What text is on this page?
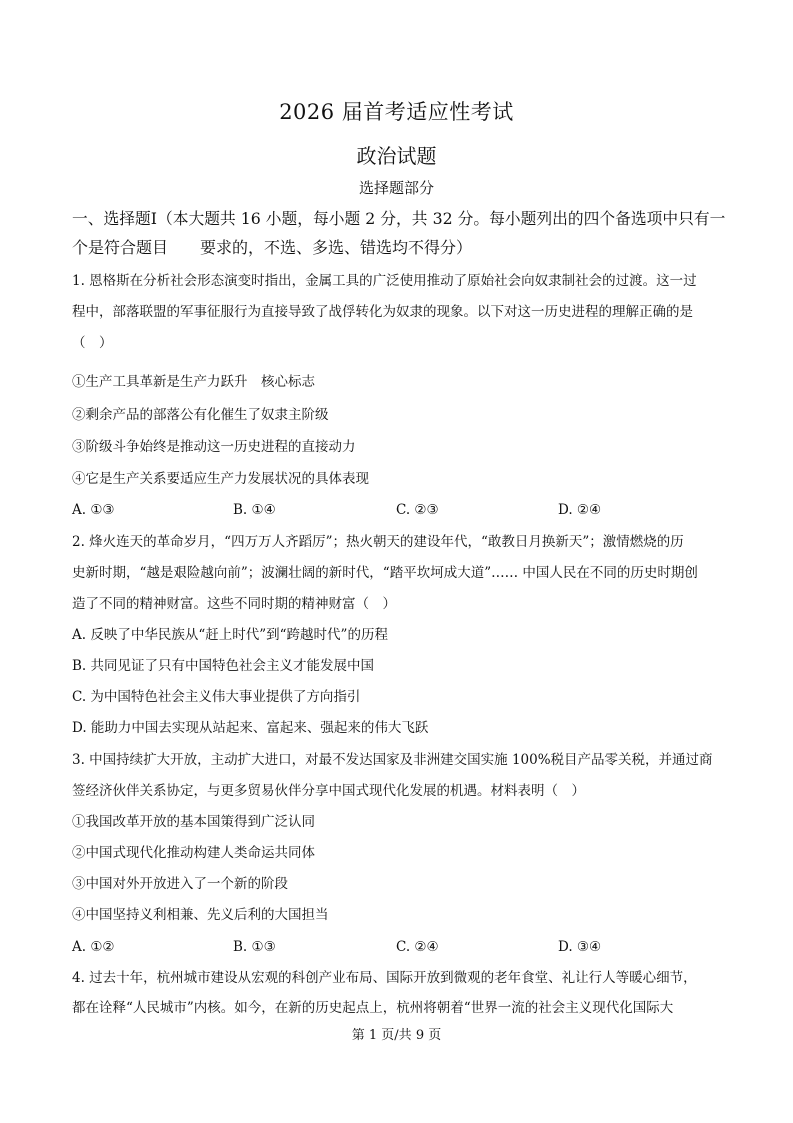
2026 届首考适应性考试
政治试题
选择题部分
一、选择题Ⅰ（本大题共 16 小题，每小题 2 分，共 32 分。每小题列出的四个备选项中只有一
个是符合题目　　要求的，不选、多选、错选均不得分）
1. 恩格斯在分析社会形态演变时指出，金属工具的广泛使用推动了原始社会向奴隶制社会的过渡。这一过
程中，部落联盟的军事征服行为直接导致了战俘转化为奴隶的现象。以下对这一历史进程的理解正确的是
（　）
①生产工具革新是生产力跃升　核心标志
②剩余产品的部落公有化催生了奴隶主阶级
③阶级斗争始终是推动这一历史进程的直接动力
④它是生产关系要适应生产力发展状况的具体表现
A. ①③	B. ①④	C. ②③	D. ②④
2. 烽火连天的革命岁月，“四万万人齐蹈厉”；热火朝天的建设年代，“敢教日月换新天”；激情燃烧的历
史新时期，“越是艰险越向前”；波澜壮阔的新时代，“踏平坎坷成大道”…… 中国人民在不同的历史时期创
造了不同的精神财富。这些不同时期的精神财富（　）
A. 反映了中华民族从“赶上时代”到“跨越时代”的历程
B. 共同见证了只有中国特色社会主义才能发展中国
C. 为中国特色社会主义伟大事业提供了方向指引
D. 能助力中国去实现从站起来、富起来、强起来的伟大飞跃
3. 中国持续扩大开放，主动扩大进口，对最不发达国家及非洲建交国实施 100%税目产品零关税，并通过商
签经济伙伴关系协定，与更多贸易伙伴分享中国式现代化发展的机遇。材料表明（　）
①我国改革开放的基本国策得到广泛认同
②中国式现代化推动构建人类命运共同体
③中国对外开放进入了一个新的阶段
④中国坚持义利相兼、先义后利的大国担当
A. ①②	B. ①③	C. ②④	D. ③④
4. 过去十年，杭州城市建设从宏观的科创产业布局、国际开放到微观的老年食堂、礼让行人等暖心细节，
都在诠释“人民城市”内核。如今，在新的历史起点上，杭州将朝着“世界一流的社会主义现代化国际大
第 1 页/共 9 页
